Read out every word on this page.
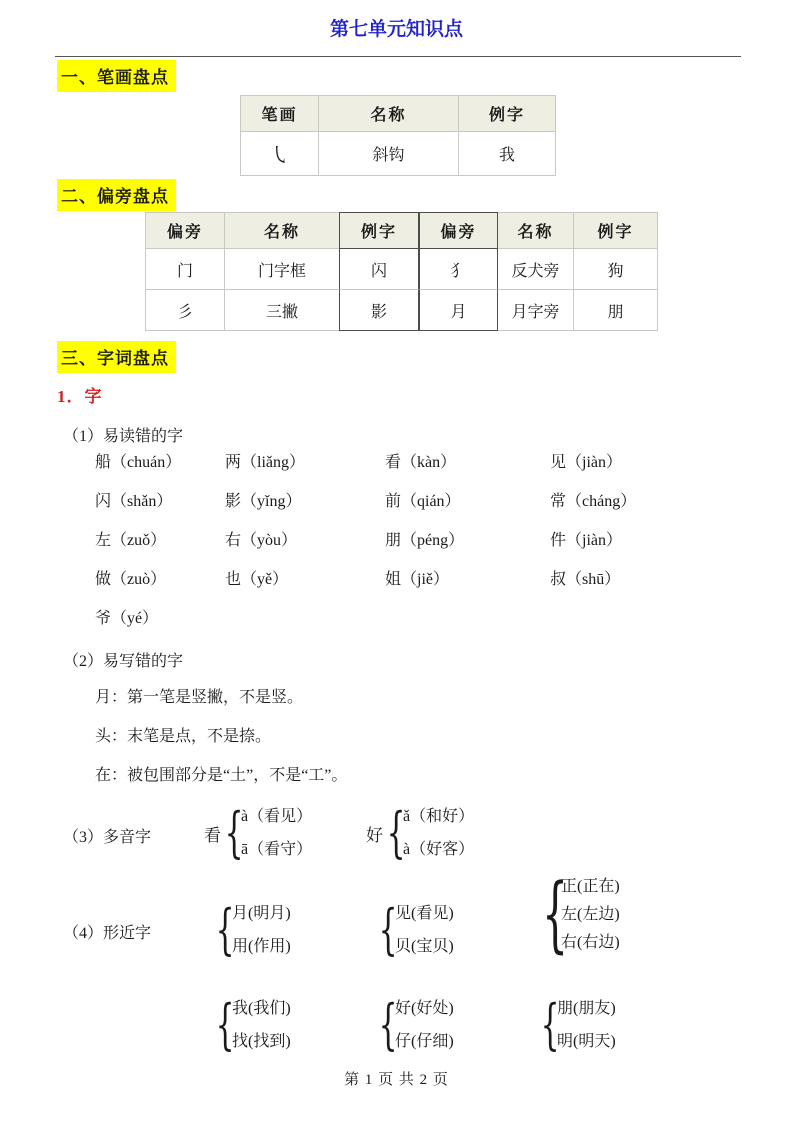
第七单元知识点
一、笔画盘点
笔画	名称	例字
㇂	斜钩	我
二、偏旁盘点
偏旁	名称	例字	偏旁	名称	例字
门	门字框	闪	犭	反犬旁	狗
彡	三撇	影	月	月字旁	朋
三、字词盘点
1．字
（1）易读错的字
船（chuán）	两（liǎng）	看（kàn）	见（jiàn）
闪（shǎn）	影（yǐng）	前（qián）	常（cháng）
左（zuǒ）	右（yòu）	朋（péng）	件（jiàn）
做（zuò）	也（yě）	姐（jiě）	叔（shū）
爷（yé）
（2）易写错的字
月：第一笔是竖撇，不是竖。
头：末笔是点，不是捺。
在：被包围部分是“土”，不是“工”。
（3）多音字	看
{
à（看见）
ā（看守）
好
{
ǎ（和好）
à（好客）
（4）形近字
{
月(明月)
用(作用)
{
见(看见)
贝(宝贝)
{
正(正在)
左(左边)
右(右边)
{
我(我们)
找(找到)
{
好(好处)
仔(仔细)
{
朋(朋友)
明(明天)
第 1 页 共 2 页
